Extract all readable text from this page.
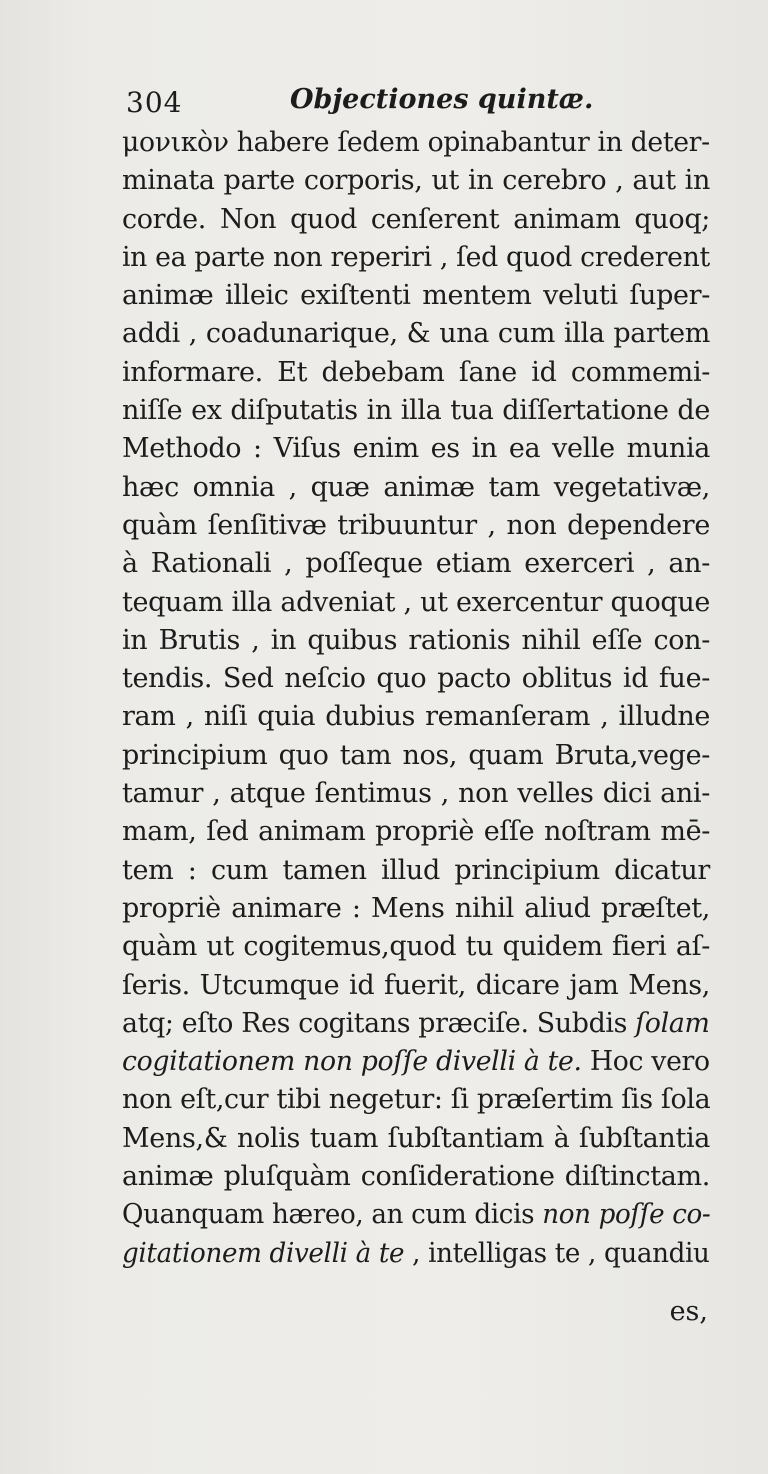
304	Objectiones quintæ.
μονικὸν habere ſedem opinabantur in deter-
minata parte corporis, ut in cerebro , aut in
corde. Non quod cenſerent animam quoq;
in ea parte non reperiri , ſed quod crederent
animæ illeic exiſtenti mentem veluti ſuper-
addi , coadunarique, & una cum illa partem
informare. Et debebam ſane id commemi-
niſſe ex diſputatis in illa tua diſſertatione de
Methodo : Viſus enim es in ea velle munia
hæc omnia , quæ animæ tam vegetativæ,
quàm ſenſitivæ tribuuntur , non dependere
à Rationali , poſſeque etiam exerceri , an-
tequam illa adveniat , ut exercentur quoque
in Brutis , in quibus rationis nihil eſſe con-
tendis. Sed neſcio quo pacto oblitus id fue-
ram , niſi quia dubius remanſeram , illudne
principium quo tam nos, quam Bruta,vege-
tamur , atque ſentimus , non velles dici ani-
mam, ſed animam propriè eſſe noſtram mē-
tem : cum tamen illud principium dicatur
propriè animare : Mens nihil aliud præſtet,
quàm ut cogitemus,quod tu quidem fieri aſ-
ſeris. Utcumque id fuerit, dicare jam Mens,
atq; eſto Res cogitans præciſe. Subdis ſolam
cogitationem non poſſe divelli à te. Hoc vero
non eſt,cur tibi negetur: ſi præſertim ſis ſola
Mens,& nolis tuam ſubſtantiam à ſubſtantia
animæ pluſquàm conſideratione diſtinctam.
Quanquam hæreo, an cum dicis non poſſe co-
gitationem divelli à te , intelligas te , quandiu
es,
